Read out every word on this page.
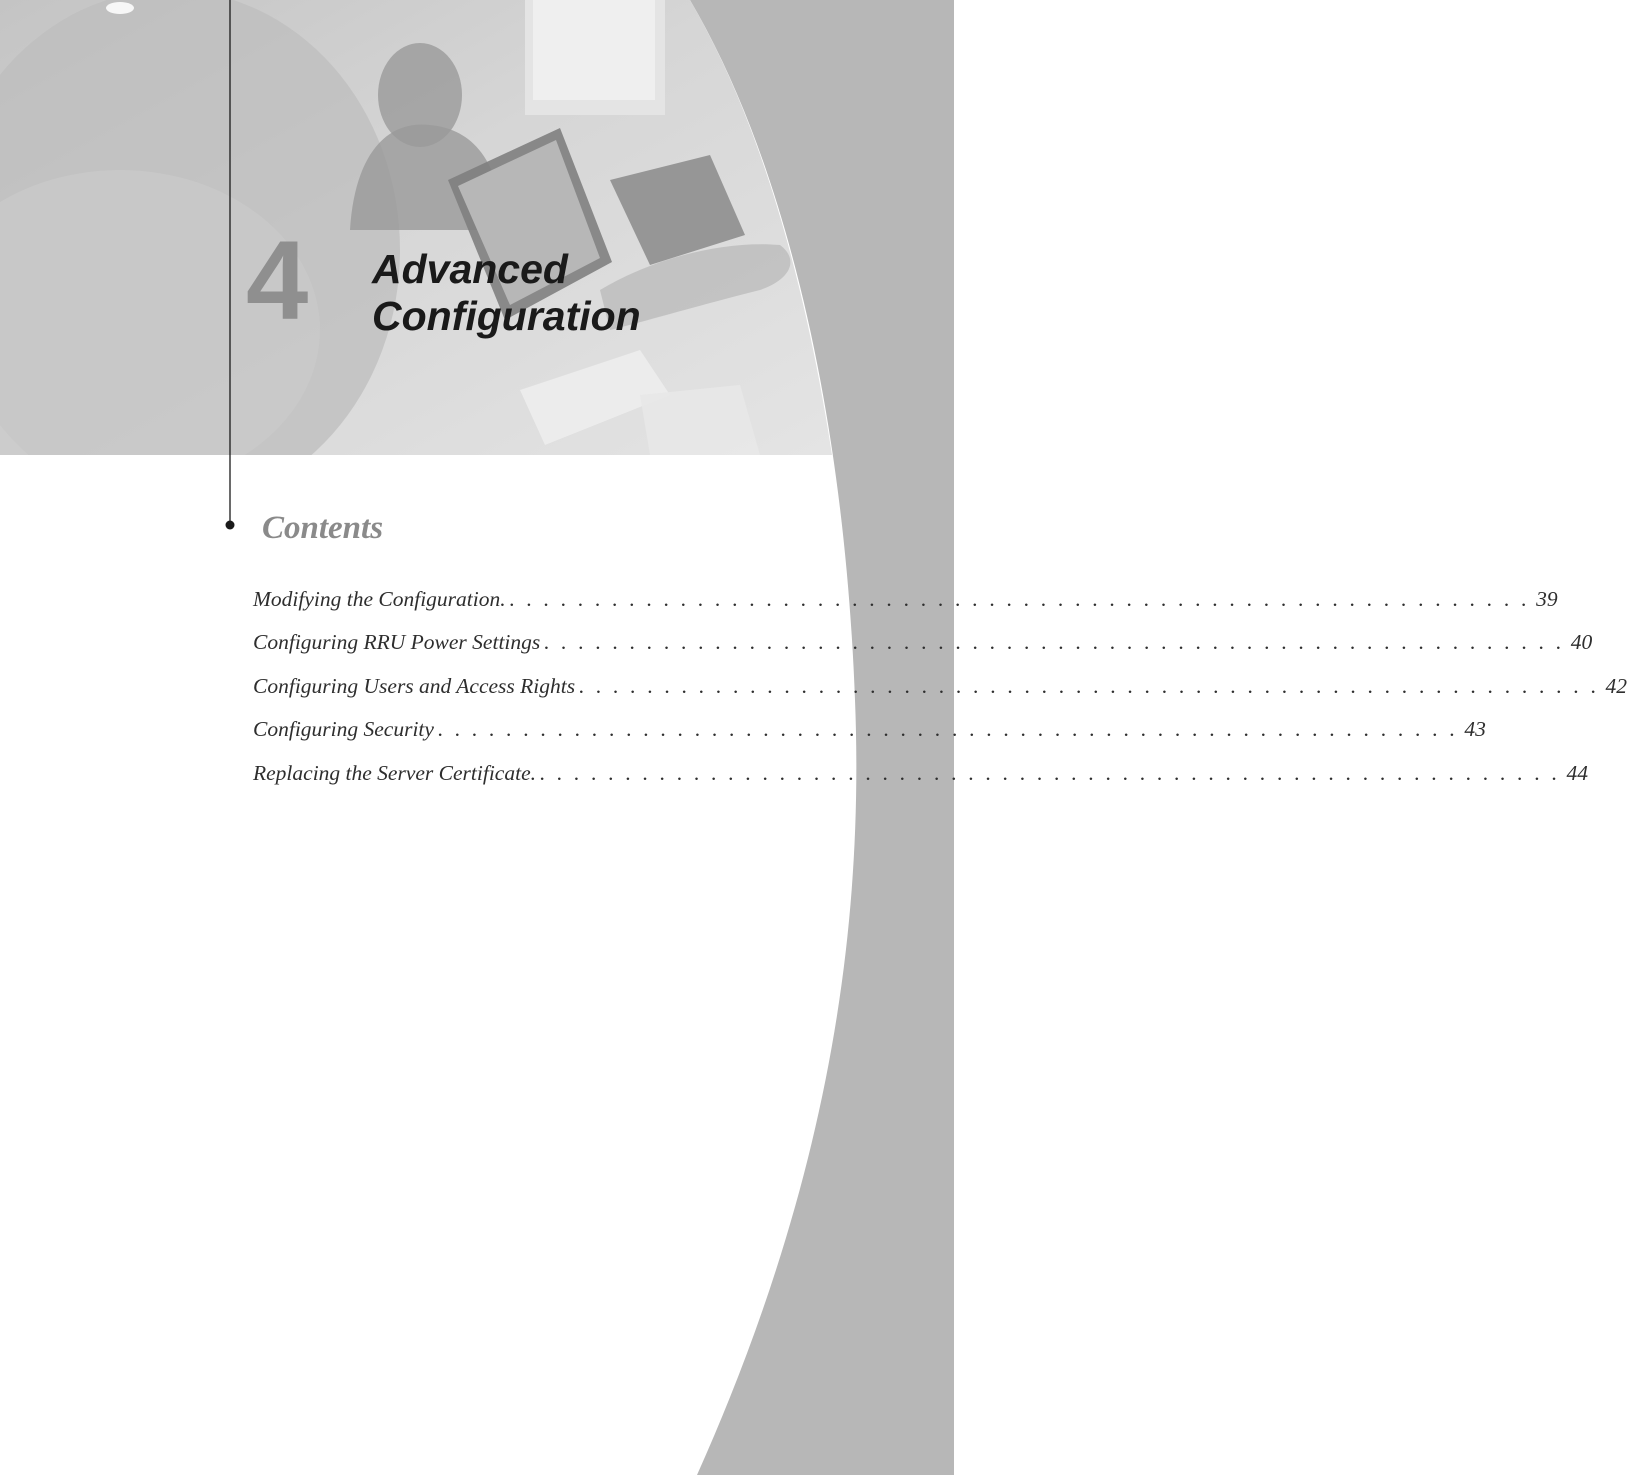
4 Advanced
Configuration
Contents
Modifying the Configuration. . . . . . . . . . . . . . . . . . . . . . . . . . . . . . . . . . . . . . . . . . . . . . . . . . . . . . . . . . . . . 39
Configuring RRU Power Settings . . . . . . . . . . . . . . . . . . . . . . . . . . . . . . . . . . . . . . . . . . . . . . . . . . . . . . . . . . . . 40
Configuring Users and Access Rights . . . . . . . . . . . . . . . . . . . . . . . . . . . . . . . . . . . . . . . . . . . . . . . . . . . . . . . . . . . . 42
Configuring Security . . . . . . . . . . . . . . . . . . . . . . . . . . . . . . . . . . . . . . . . . . . . . . . . . . . . . . . . . . . . 43
Replacing the Server Certificate. . . . . . . . . . . . . . . . . . . . . . . . . . . . . . . . . . . . . . . . . . . . . . . . . . . . . . . . . . . . . 44
